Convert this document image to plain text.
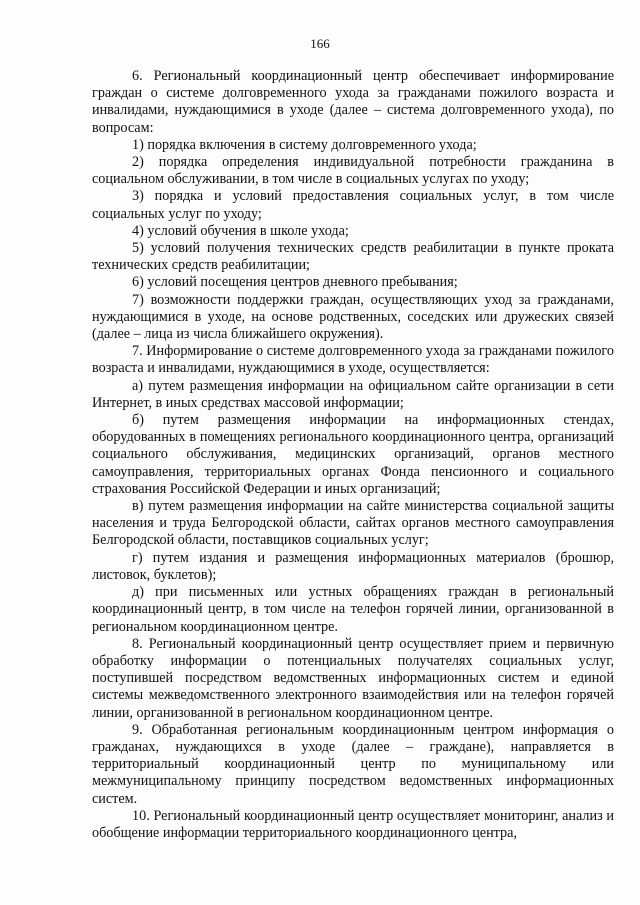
166

6. Региональный координационный центр обеспечивает информирование граждан о системе долговременного ухода за гражданами пожилого возраста и инвалидами, нуждающимися в уходе (далее – система долговременного ухода), по вопросам:

1) порядка включения в систему долговременного ухода;

2) порядка определения индивидуальной потребности гражданина в социальном обслуживании, в том числе в социальных услугах по уходу;

3) порядка и условий предоставления социальных услуг, в том числе социальных услуг по уходу;

4) условий обучения в школе ухода;

5) условий получения технических средств реабилитации в пункте проката технических средств реабилитации;

6) условий посещения центров дневного пребывания;

7) возможности поддержки граждан, осуществляющих уход за гражданами, нуждающимися в уходе, на основе родственных, соседских или дружеских связей (далее – лица из числа ближайшего окружения).

7. Информирование о системе долговременного ухода за гражданами пожилого возраста и инвалидами, нуждающимися в уходе, осуществляется:

а) путем размещения информации на официальном сайте организации в сети Интернет, в иных средствах массовой информации;

б) путем размещения информации на информационных стендах, оборудованных в помещениях регионального координационного центра, организаций социального обслуживания, медицинских организаций, органов местного самоуправления, территориальных органах Фонда пенсионного и социального страхования Российской Федерации и иных организаций;

в) путем размещения информации на сайте министерства социальной защиты населения и труда Белгородской области, сайтах органов местного самоуправления Белгородской области, поставщиков социальных услуг;

г) путем издания и размещения информационных материалов (брошюр, листовок, буклетов);

д) при письменных или устных обращениях граждан в региональный координационный центр, в том числе на телефон горячей линии, организованной в региональном координационном центре.

8. Региональный координационный центр осуществляет прием и первичную обработку информации о потенциальных получателях социальных услуг, поступившей посредством ведомственных информационных систем и единой системы межведомственного электронного взаимодействия или на телефон горячей линии, организованной в региональном координационном центре.

9. Обработанная региональным координационным центром информация о гражданах, нуждающихся в уходе (далее – граждане), направляется в территориальный координационный центр по муниципальному или межмуниципальному принципу посредством ведомственных информационных систем.

10. Региональный координационный центр осуществляет мониторинг, анализ и обобщение информации территориального координационного центра,
